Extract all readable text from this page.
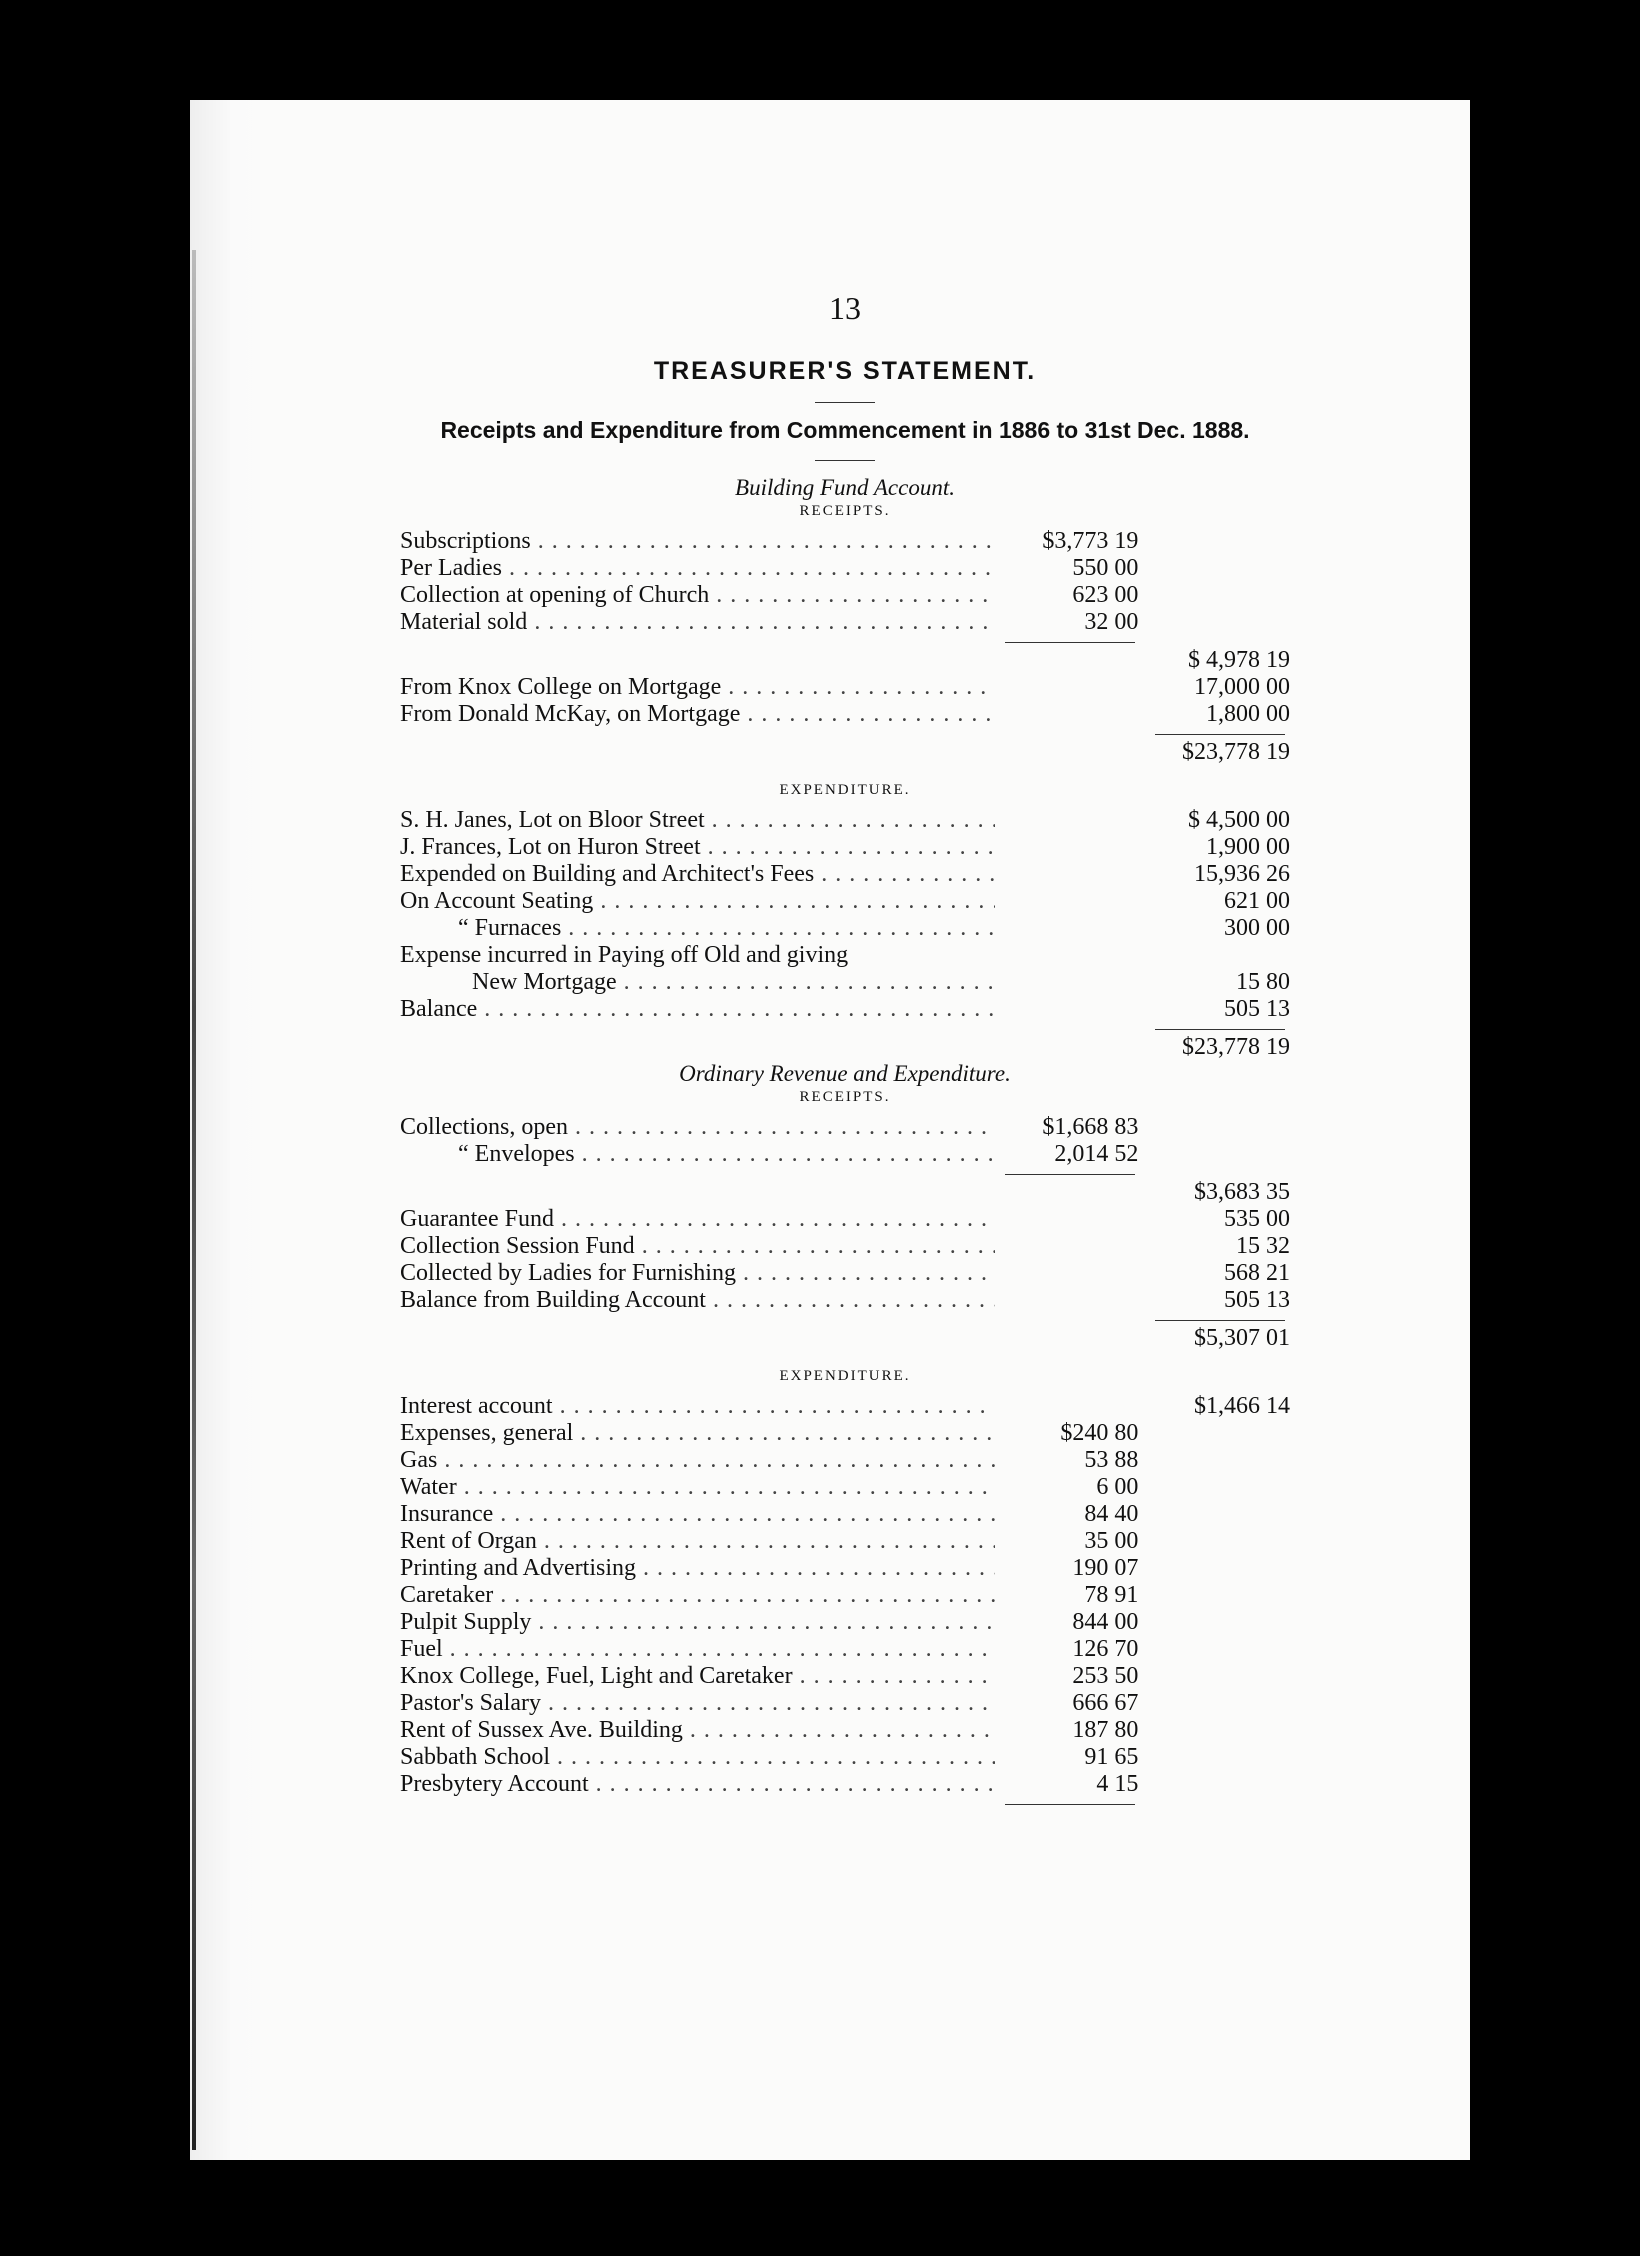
13
TREASURER'S STATEMENT.
Receipts and Expenditure from Commencement in 1886 to 31st Dec. 1888.
Building Fund Account.
RECEIPTS.
Subscriptions . . .	$3,773 19
Per Ladies . . .	550 00
Collection at opening of Church . . .	623 00
Material sold . . .	32 00
$ 4,978 19
From Knox College on Mortgage . . .	17,000 00
From Donald McKay, on Mortgage . . .	1,800 00
$23,778 19
EXPENDITURE.
S. H. Janes, Lot on Bloor Street . . .	$ 4,500 00
J. Frances, Lot on Huron Street . . .	1,900 00
Expended on Building and Architect's Fees . . .	15,936 26
On Account Seating . . .	621 00
“ Furnaces . . .	300 00
Expense incurred in Paying off Old and giving
New Mortgage . . .	15 80
Balance . . .	505 13
$23,778 19
Ordinary Revenue and Expenditure.
RECEIPTS.
Collections, open . . .	$1,668 83
“ Envelopes . . .	2,014 52
$3,683 35
Guarantee Fund . . .	535 00
Collection Session Fund . . .	15 32
Collected by Ladies for Furnishing . . .	568 21
Balance from Building Account . . .	505 13
$5,307 01
EXPENDITURE.
Interest account . . .	$1,466 14
Expenses, general . . .	$240 80
Gas . . .	53 88
Water . . .	6 00
Insurance . . .	84 40
Rent of Organ . . .	35 00
Printing and Advertising . . .	190 07
Caretaker . . .	78 91
Pulpit Supply . . .	844 00
Fuel . . .	126 70
Knox College, Fuel, Light and Caretaker . . .	253 50
Pastor's Salary . . .	666 67
Rent of Sussex Ave. Building . . .	187 80
Sabbath School . . .	91 65
Presbytery Account . . .	4 15
